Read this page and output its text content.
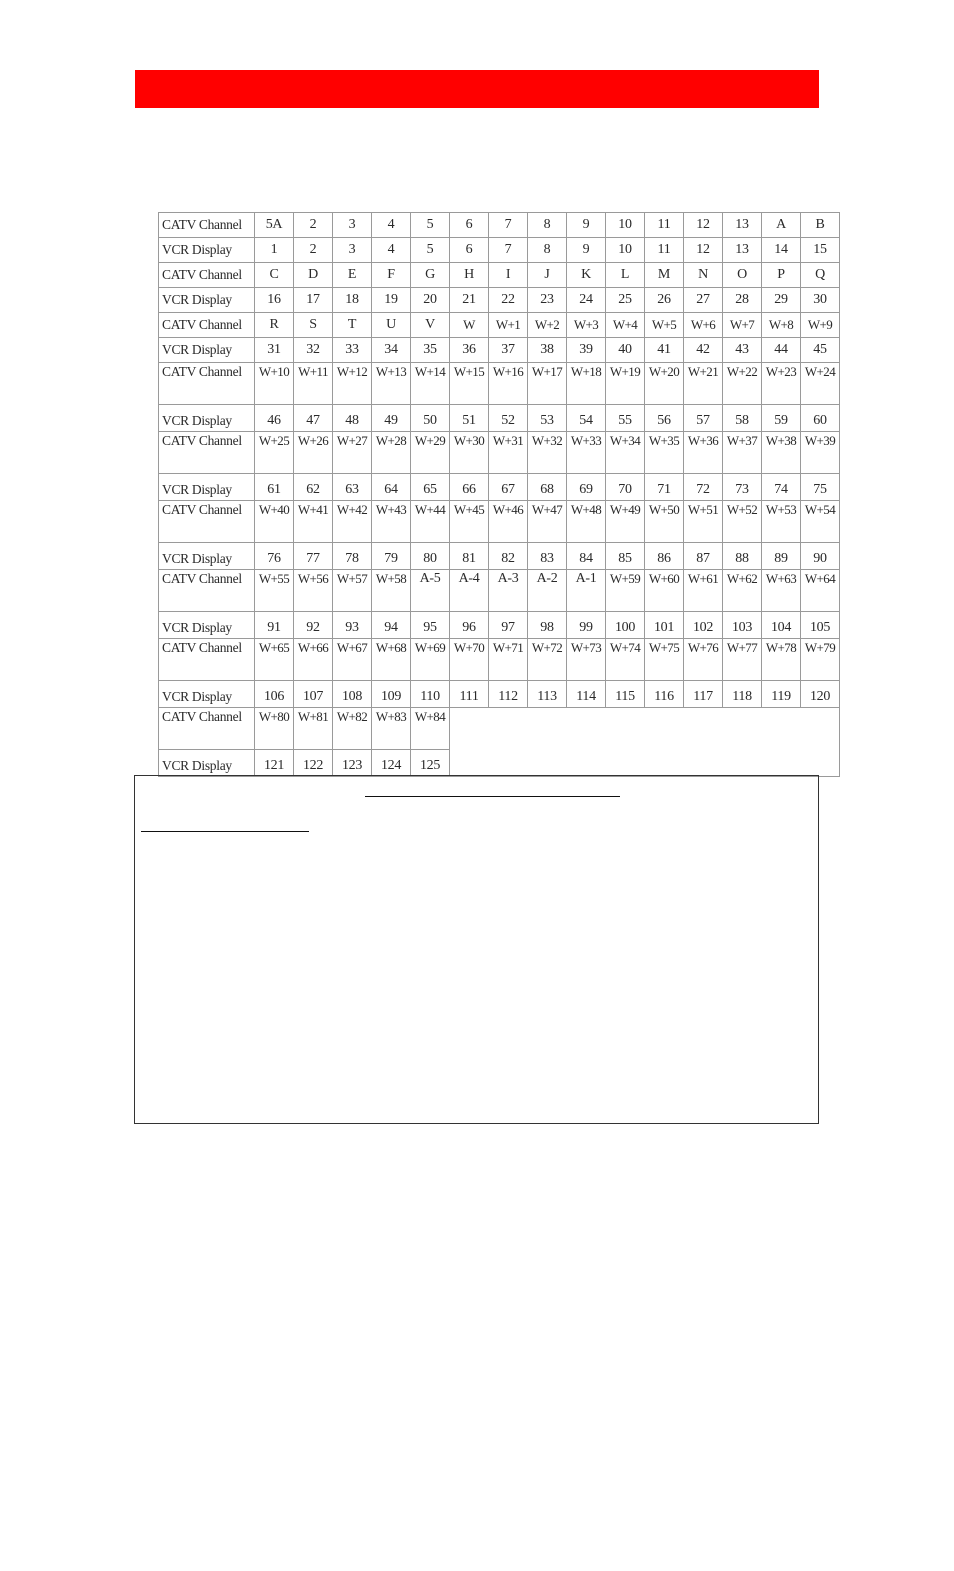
CATV Channel	5A	2	3	4	5	6	7	8	9	10	11	12	13	A	B
VCR Display	1	2	3	4	5	6	7	8	9	10	11	12	13	14	15
CATV Channel	C	D	E	F	G	H	I	J	K	L	M	N	O	P	Q
VCR Display	16	17	18	19	20	21	22	23	24	25	26	27	28	29	30
CATV Channel	R	S	T	U	V	W	W+1	W+2	W+3	W+4	W+5	W+6	W+7	W+8	W+9
VCR Display	31	32	33	34	35	36	37	38	39	40	41	42	43	44	45
CATV Channel	W+10	W+11	W+12	W+13	W+14	W+15	W+16	W+17	W+18	W+19	W+20	W+21	W+22	W+23	W+24
VCR Display	46	47	48	49	50	51	52	53	54	55	56	57	58	59	60
CATV Channel	W+25	W+26	W+27	W+28	W+29	W+30	W+31	W+32	W+33	W+34	W+35	W+36	W+37	W+38	W+39
VCR Display	61	62	63	64	65	66	67	68	69	70	71	72	73	74	75
CATV Channel	W+40	W+41	W+42	W+43	W+44	W+45	W+46	W+47	W+48	W+49	W+50	W+51	W+52	W+53	W+54
VCR Display	76	77	78	79	80	81	82	83	84	85	86	87	88	89	90
CATV Channel	W+55	W+56	W+57	W+58	A-5	A-4	A-3	A-2	A-1	W+59	W+60	W+61	W+62	W+63	W+64
VCR Display	91	92	93	94	95	96	97	98	99	100	101	102	103	104	105
CATV Channel	W+65	W+66	W+67	W+68	W+69	W+70	W+71	W+72	W+73	W+74	W+75	W+76	W+77	W+78	W+79
VCR Display	106	107	108	109	110	111	112	113	114	115	116	117	118	119	120
CATV Channel	W+80	W+81	W+82	W+83	W+84										
VCR Display	121	122	123	124	125										
